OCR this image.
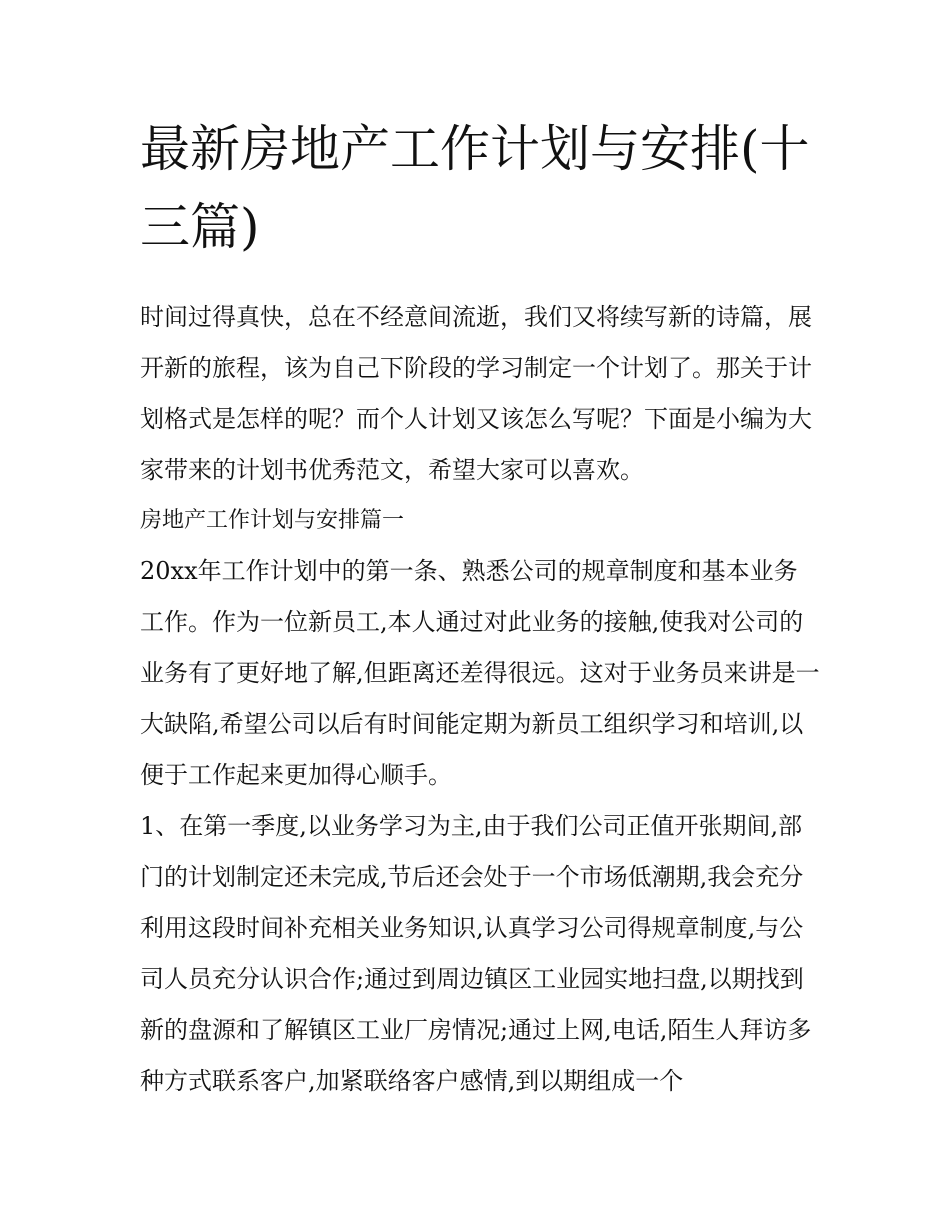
最新房地产工作计划与安排(十三篇)

时间过得真快，总在不经意间流逝，我们又将续写新的诗篇，展开新的旅程，该为自己下阶段的学习制定一个计划了。那关于计划格式是怎样的呢？而个人计划又该怎么写呢？下面是小编为大家带来的计划书优秀范文，希望大家可以喜欢。

房地产工作计划与安排篇一

20xx年工作计划中的第一条、熟悉公司的规章制度和基本业务工作。作为一位新员工,本人通过对此业务的接触,使我对公司的业务有了更好地了解,但距离还差得很远。这对于业务员来讲是一大缺陷,希望公司以后有时间能定期为新员工组织学习和培训,以便于工作起来更加得心顺手。

1、在第一季度,以业务学习为主,由于我们公司正值开张期间,部门的计划制定还未完成,节后还会处于一个市场低潮期,我会充分利用这段时间补充相关业务知识,认真学习公司得规章制度,与公司人员充分认识合作;通过到周边镇区工业园实地扫盘,以期找到新的盘源和了解镇区工业厂房情况;通过上网,电话,陌生人拜访多种方式联系客户,加紧联络客户感情,到以期组成一个
